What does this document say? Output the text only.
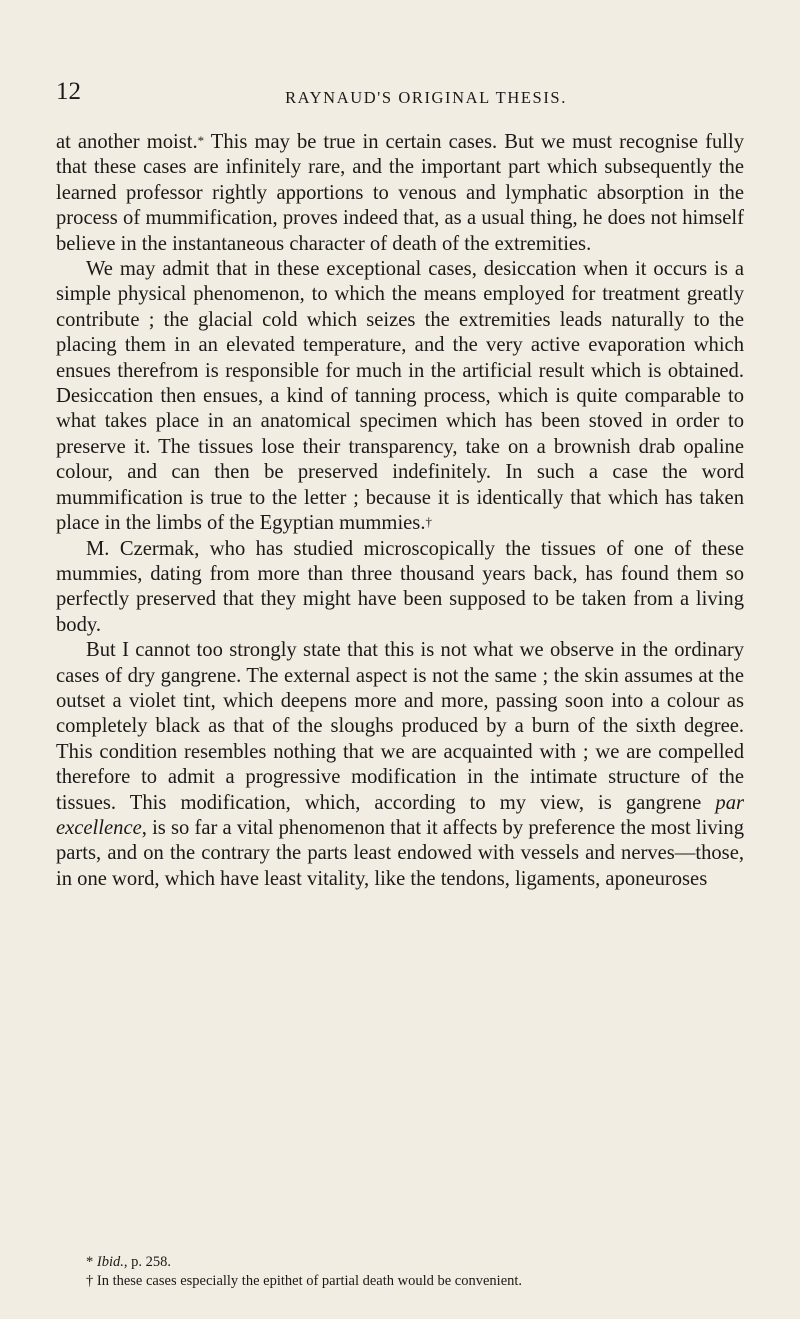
12	RAYNAUD'S ORIGINAL THESIS.

at another moist.* This may be true in certain cases. But we must recognise fully that these cases are infinitely rare, and the important part which subsequently the learned professor rightly apportions to venous and lymphatic absorption in the process of mummification, proves indeed that, as a usual thing, he does not himself believe in the instantaneous character of death of the extremities.

We may admit that in these exceptional cases, desiccation when it occurs is a simple physical phenomenon, to which the means employed for treatment greatly contribute ; the glacial cold which seizes the extremities leads naturally to the placing them in an elevated temperature, and the very active evaporation which ensues therefrom is responsible for much in the artificial result which is obtained. Desiccation then ensues, a kind of tanning process, which is quite comparable to what takes place in an anatomical specimen which has been stoved in order to preserve it. The tissues lose their transparency, take on a brownish drab opaline colour, and can then be preserved indefinitely. In such a case the word mummification is true to the letter ; because it is identically that which has taken place in the limbs of the Egyptian mummies.†

M. Czermak, who has studied microscopically the tissues of one of these mummies, dating from more than three thousand years back, has found them so perfectly preserved that they might have been supposed to be taken from a living body.

But I cannot too strongly state that this is not what we observe in the ordinary cases of dry gangrene. The external aspect is not the same ; the skin assumes at the outset a violet tint, which deepens more and more, passing soon into a colour as completely black as that of the sloughs produced by a burn of the sixth degree. This condition resembles nothing that we are acquainted with ; we are compelled therefore to admit a progressive modification in the intimate structure of the tissues. This modification, which, according to my view, is gangrene par excellence, is so far a vital phenomenon that it affects by preference the most living parts, and on the contrary the parts least endowed with vessels and nerves—those, in one word, which have least vitality, like the tendons, ligaments, aponeuroses

* Ibid., p. 258.
† In these cases especially the epithet of partial death would be convenient.
